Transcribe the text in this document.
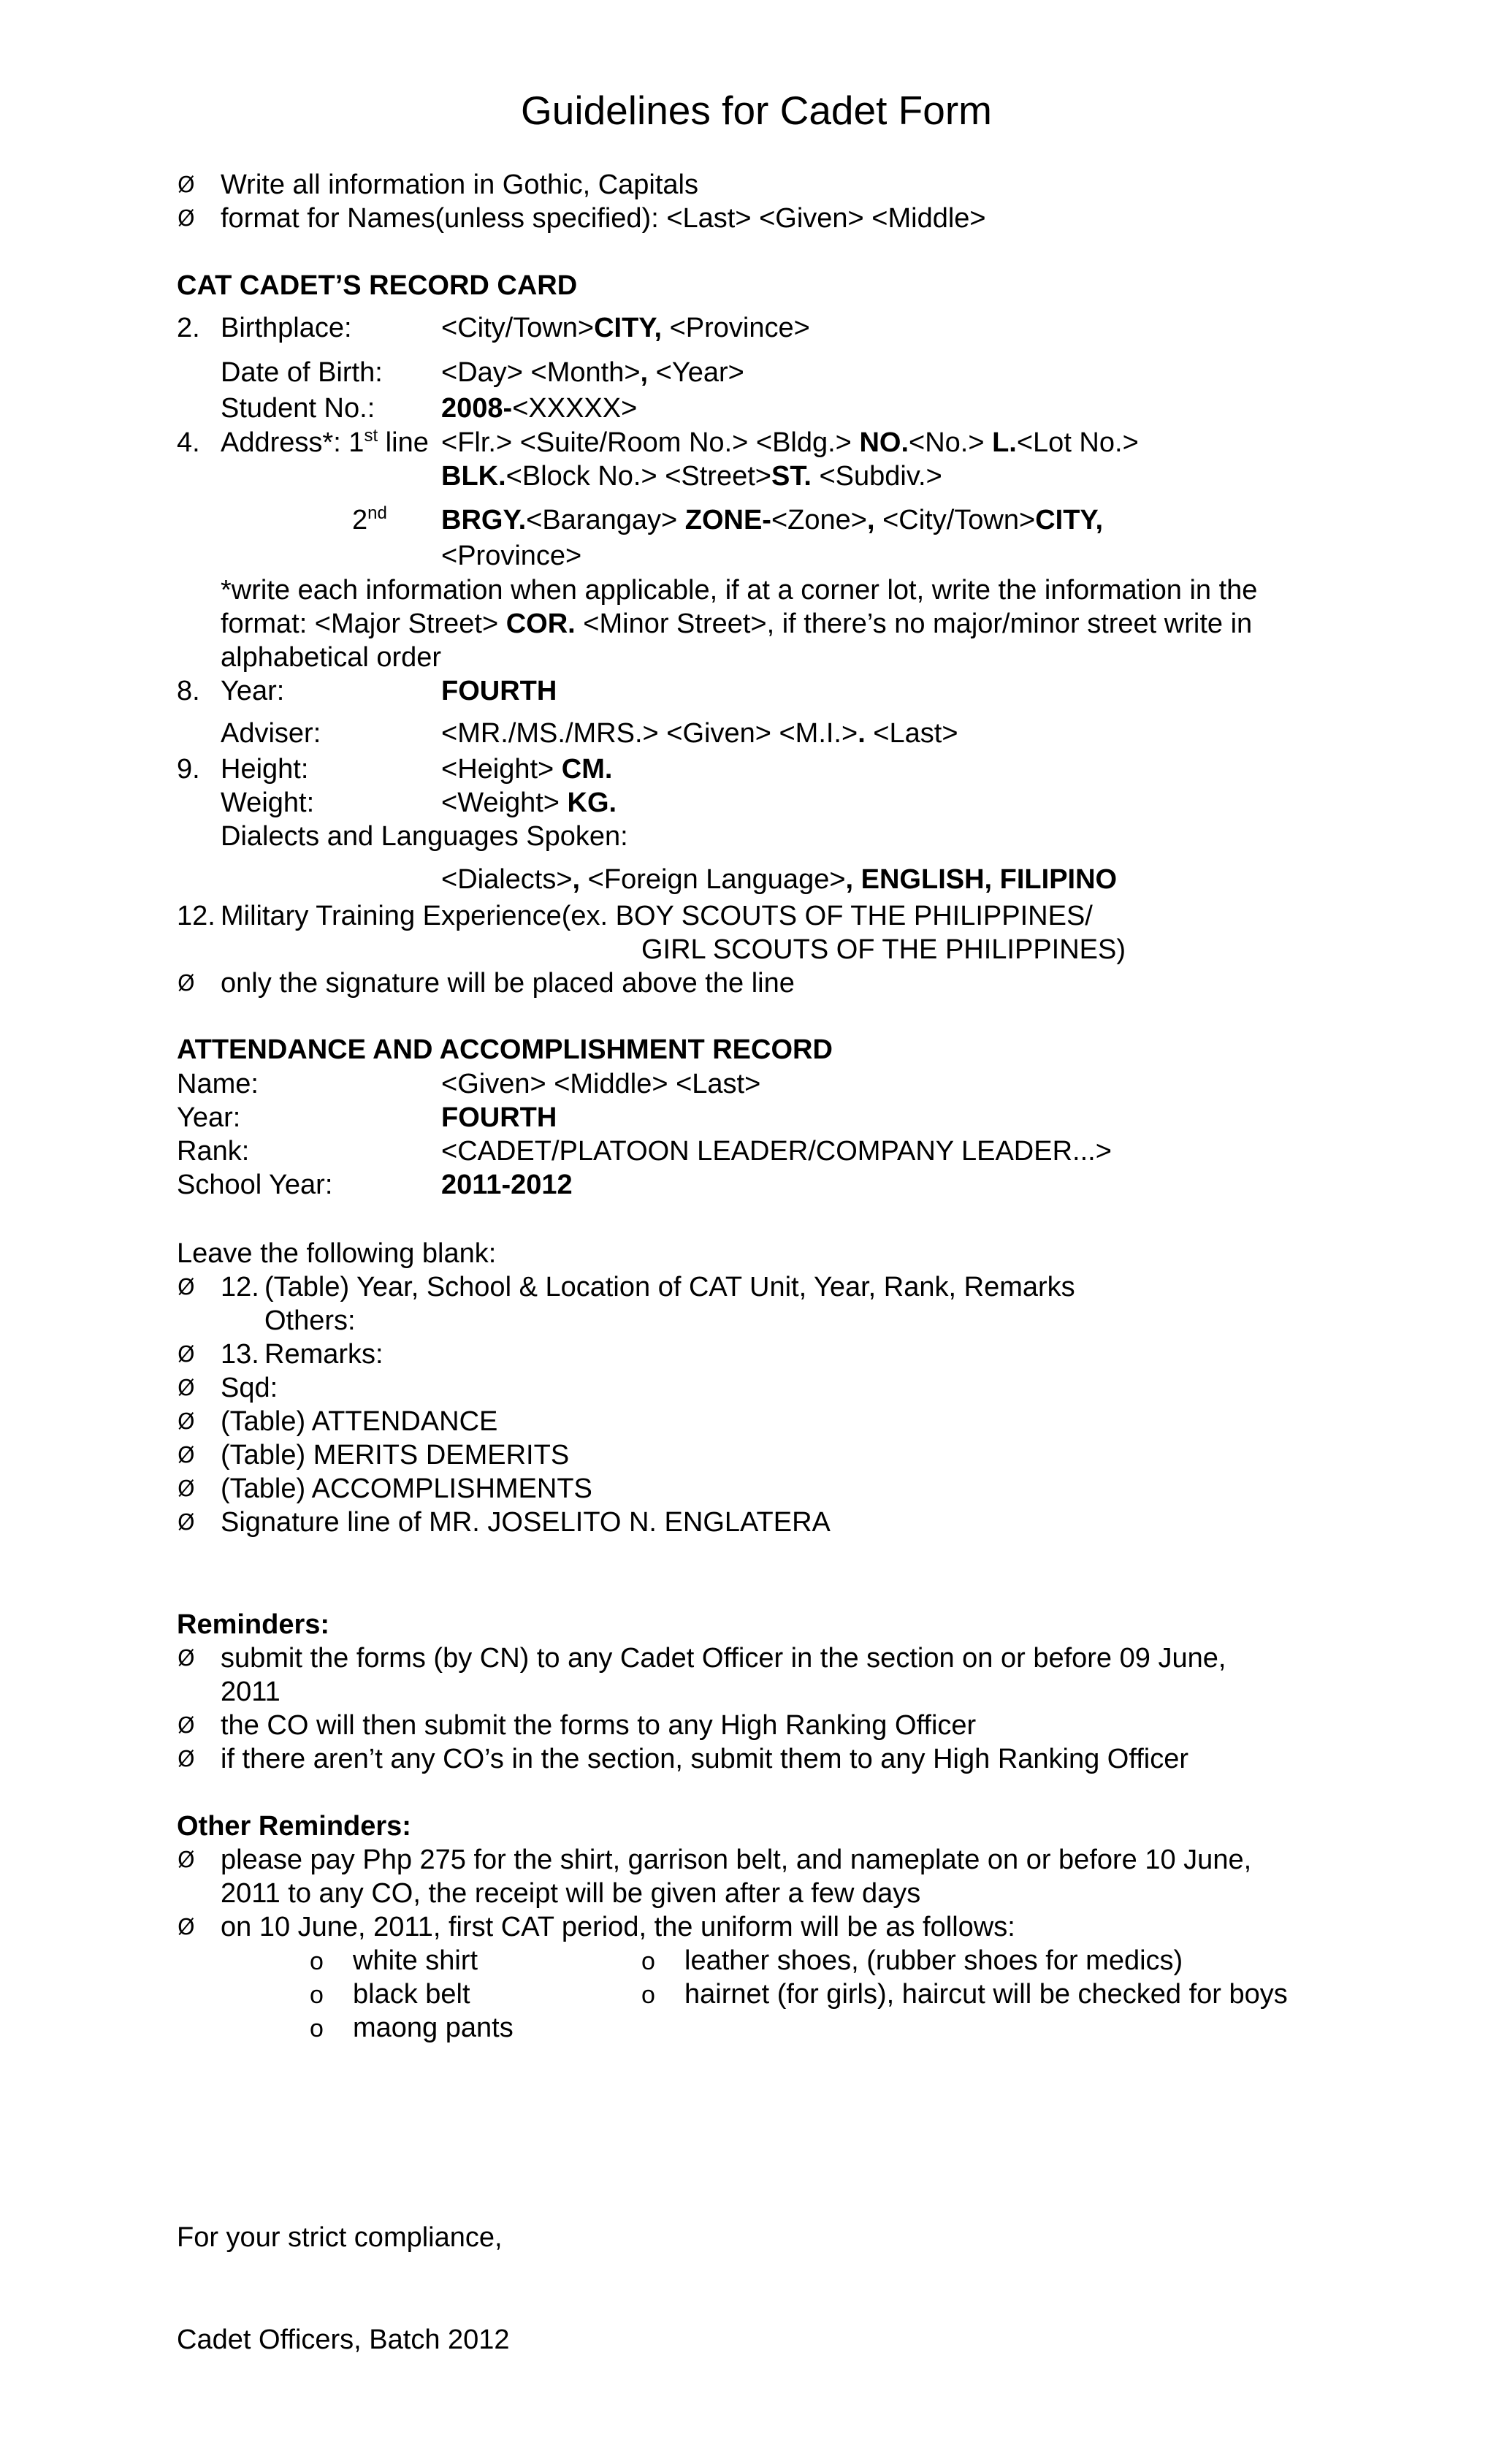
Guidelines for Cadet Form
Ø Write all information in Gothic, Capitals
Ø format for Names(unless specified): <Last> <Given> <Middle>
CAT CADET’S RECORD CARD
2. Birthplace:	<City/Town>CITY, <Province>
Date of Birth: <Day> <Month>, <Year>
Student No.: 2008-<XXXXX>
4. Address*: 1st line <Flr.> <Suite/Room No.> <Bldg.> NO.<No.> L.<Lot No.>
BLK.<Block No.> <Street>ST. <Subdiv.>
2nd BRGY.<Barangay> ZONE-<Zone>, <City/Town>CITY,
<Province>
*write each information when applicable, if at a corner lot, write the information in the
format: <Major Street> COR. <Minor Street>, if there’s no major/minor street write in
alphabetical order
8. Year:	FOURTH
Adviser:	<MR./MS./MRS.> <Given> <M.I.>. <Last>
9. Height:	<Height> CM.
Weight:	<Weight> KG.
Dialects and Languages Spoken:
<Dialects>, <Foreign Language>, ENGLISH, FILIPINO
12. Military Training Experience(ex. BOY SCOUTS OF THE PHILIPPINES/
GIRL SCOUTS OF THE PHILIPPINES)
Ø only the signature will be placed above the line
ATTENDANCE AND ACCOMPLISHMENT RECORD
Name:	<Given> <Middle> <Last>
Year:	FOURTH
Rank:	<CADET/PLATOON LEADER/COMPANY LEADER...>
School Year:	2011-2012
Leave the following blank:
Ø 12. (Table) Year, School & Location of CAT Unit, Year, Rank, Remarks
Others:
Ø 13. Remarks:
Ø Sqd:
Ø (Table) ATTENDANCE
Ø (Table) MERITS DEMERITS
Ø (Table) ACCOMPLISHMENTS
Ø Signature line of MR. JOSELITO N. ENGLATERA
Reminders:
Ø submit the forms (by CN) to any Cadet Officer in the section on or before 09 June,
2011
Ø the CO will then submit the forms to any High Ranking Officer
Ø if there aren’t any CO’s in the section, submit them to any High Ranking Officer
Other Reminders:
Ø please pay Php 275 for the shirt, garrison belt, and nameplate on or before 10 June,
2011 to any CO, the receipt will be given after a few days
Ø on 10 June, 2011, first CAT period, the uniform will be as follows:
o white shirt
o black belt
o maong pants
o leather shoes, (rubber shoes for medics)
o hairnet (for girls), haircut will be checked for boys
For your strict compliance,
Cadet Officers, Batch 2012
